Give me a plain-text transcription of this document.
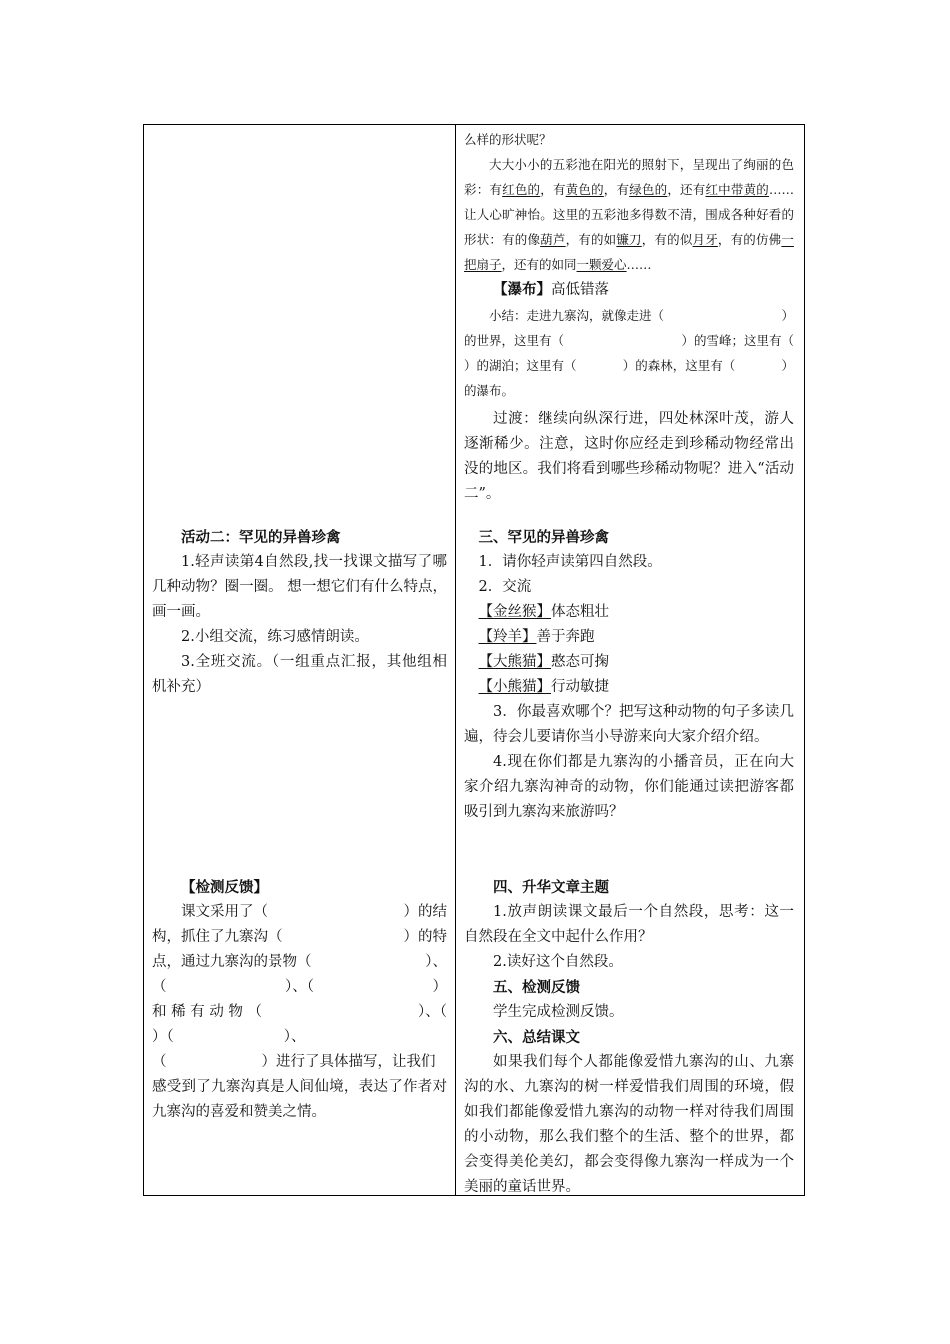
活动二：罕见的异兽珍禽

1.轻声读第4自然段,找一找课文描写了哪几种动物？圈一圈。 想一想它们有什么特点，画一画。

2.小组交流，练习感情朗读。

3.全班交流。（一组重点汇报，其他组相机补充）

【检测反馈】

课文采用了（	）的结
构，抓住了九寨沟（	）的特
点，通过九寨沟的景物（	）、
（	）、（	）
和 稀 有 动 物 （	）、（
）（	）、
（	）进行了具体描写，让我们

感受到了九寨沟真是人间仙境，表达了作者对九寨沟的喜爱和赞美之情。

么样的形状呢？

大大小小的五彩池在阳光的照射下，呈现出了绚丽的色彩：有红色的，有黄色的，有绿色的，还有红中带黄的……让人心旷神怡。这里的五彩池多得数不清，围成各种好看的形状：有的像葫芦，有的如镰刀，有的似月牙，有的仿佛一把扇子，还有的如同一颗爱心……

【瀑布】高低错落

小结：走进九寨沟，就像走进（	）
的世界，这里有（	）的雪峰；这里有（
）的湖泊；这里有（	）的森林，这里有（	）
的瀑布。

过渡：继续向纵深行进，四处林深叶茂，游人逐渐稀少。注意，这时你应经走到珍稀动物经常出没的地区。我们将看到哪些珍稀动物呢？进入“活动二”。

三、罕见的异兽珍禽

1．请你轻声读第四自然段。

2．交流

【金丝猴】体态粗壮

【羚羊】善于奔跑

【大熊猫】憨态可掬

【小熊猫】行动敏捷

3．你最喜欢哪个？把写这种动物的句子多读几遍，待会儿要请你当小导游来向大家介绍介绍。

4.现在你们都是九寨沟的小播音员，正在向大家介绍九寨沟神奇的动物，你们能通过读把游客都吸引到九寨沟来旅游吗？

四、升华文章主题

1.放声朗读课文最后一个自然段，思考：这一自然段在全文中起什么作用？

2.读好这个自然段。

五、检测反馈

学生完成检测反馈。

六、总结课文

如果我们每个人都能像爱惜九寨沟的山、九寨沟的水、九寨沟的树一样爱惜我们周围的环境，假如我们都能像爱惜九寨沟的动物一样对待我们周围的小动物，那么我们整个的生活、整个的世界，都会变得美伦美幻，都会变得像九寨沟一样成为一个美丽的童话世界。
